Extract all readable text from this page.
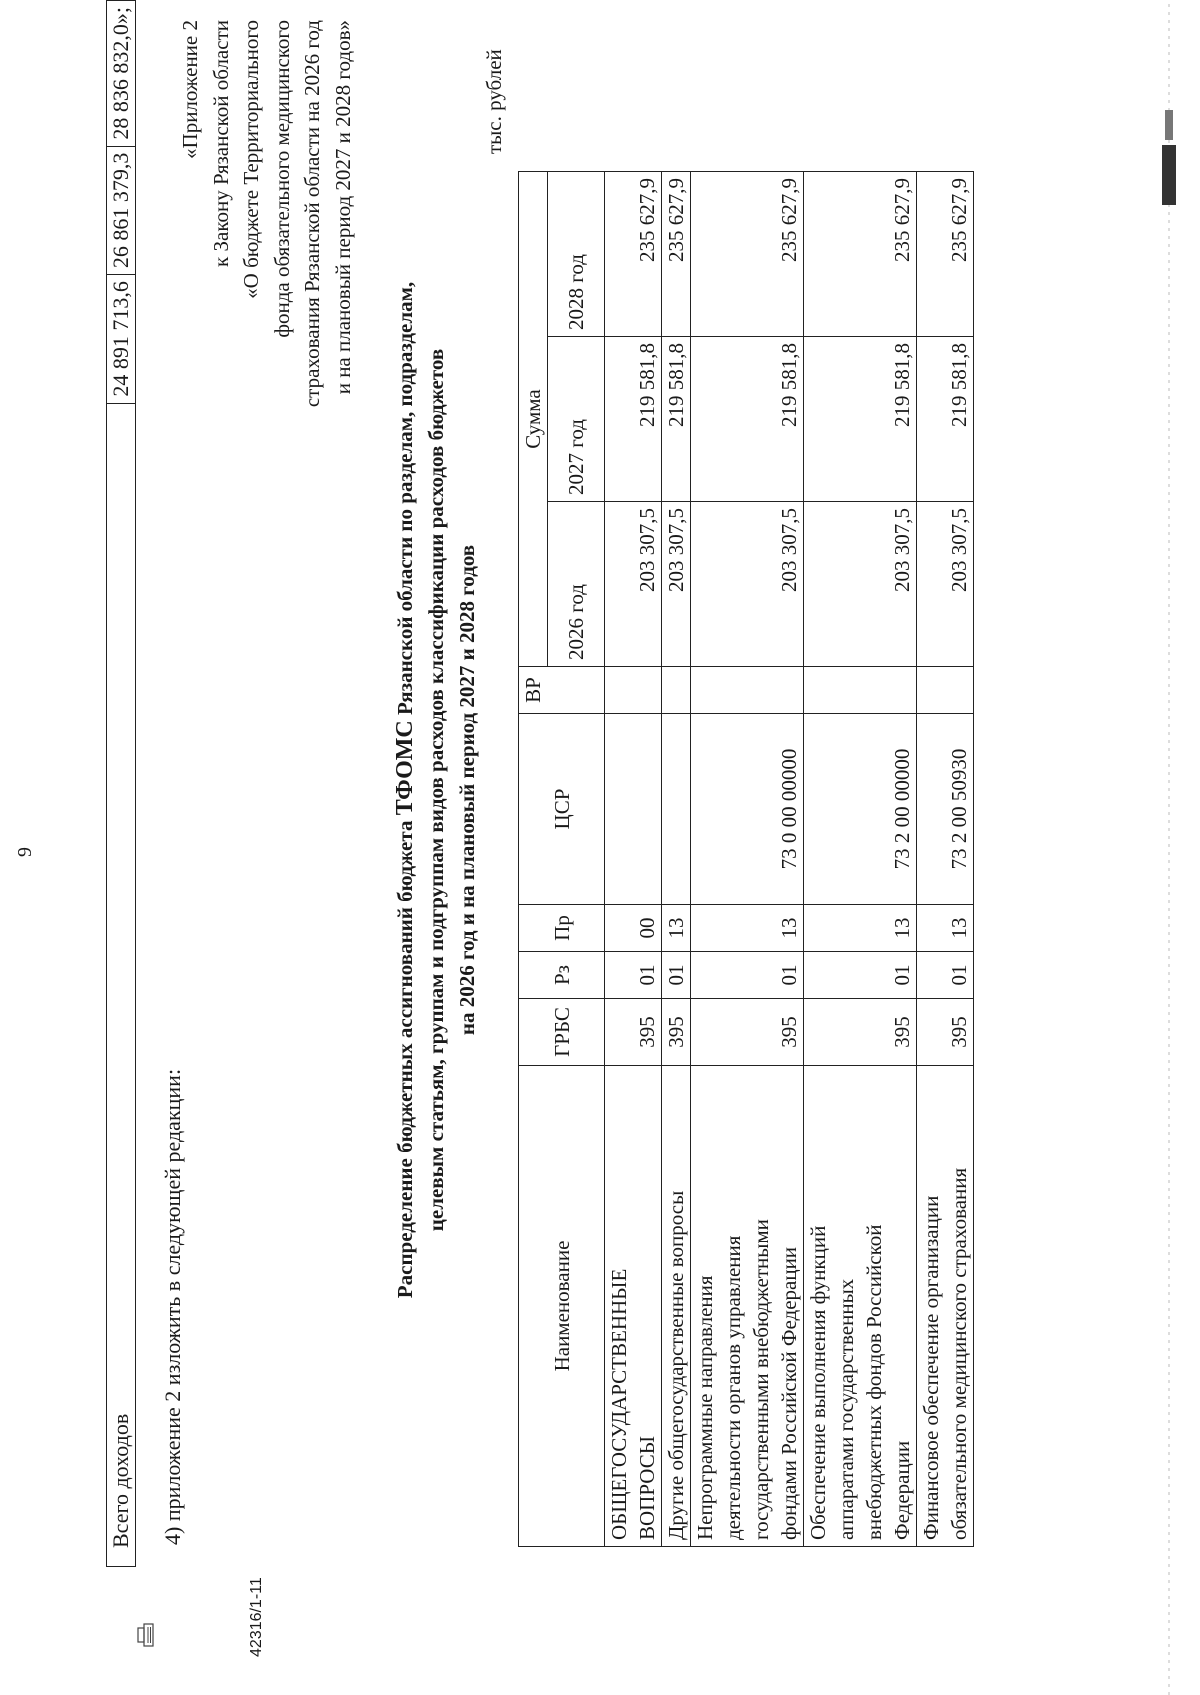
9
Всего доходов	24 891 713,6	26 861 379,3	28 836 832,0»;
4) приложение 2 изложить в следующей редакции:
«Приложение 2 к Закону Рязанской области «О бюджете Территориального фонда обязательного медицинского страхования Рязанской области на 2026 год и на плановый период 2027 и 2028 годов»
Распределение бюджетных ассигнований бюджета ТФОМС Рязанской области по разделам, подразделам, целевым статьям, группам и подгруппам видов расходов классификации расходов бюджетов на 2026 год и на плановый период 2027 и 2028 годов
тыс. рублей
Наименование	ГРБС	Рз	Пр	ЦСР	ВР	Сумма		
						2026 год	2027 год	2028 год

ОБЩЕГОСУДАРСТВЕННЫЕ ВОПРОСЫ	395	01	00			203 307,5	219 581,8	235 627,9

Другие общегосударственные вопросы	395	01	13			203 307,5	219 581,8	235 627,9

Непрограммные направления деятельности органов управления государственными внебюджетными фондами Российской Федерации	395	01	13	73 0 00 00000		203 307,5	219 581,8	235 627,9

Обеспечение выполнения функций аппаратами государственных внебюджетных фондов Российской Федерации	395	01	13	73 2 00 00000		203 307,5	219 581,8	235 627,9

Финансовое обеспечение организации обязательного медицинского страхования	395	01	13	73 2 00 50930		203 307,5	219 581,8	235 627,9
42316/1-11
